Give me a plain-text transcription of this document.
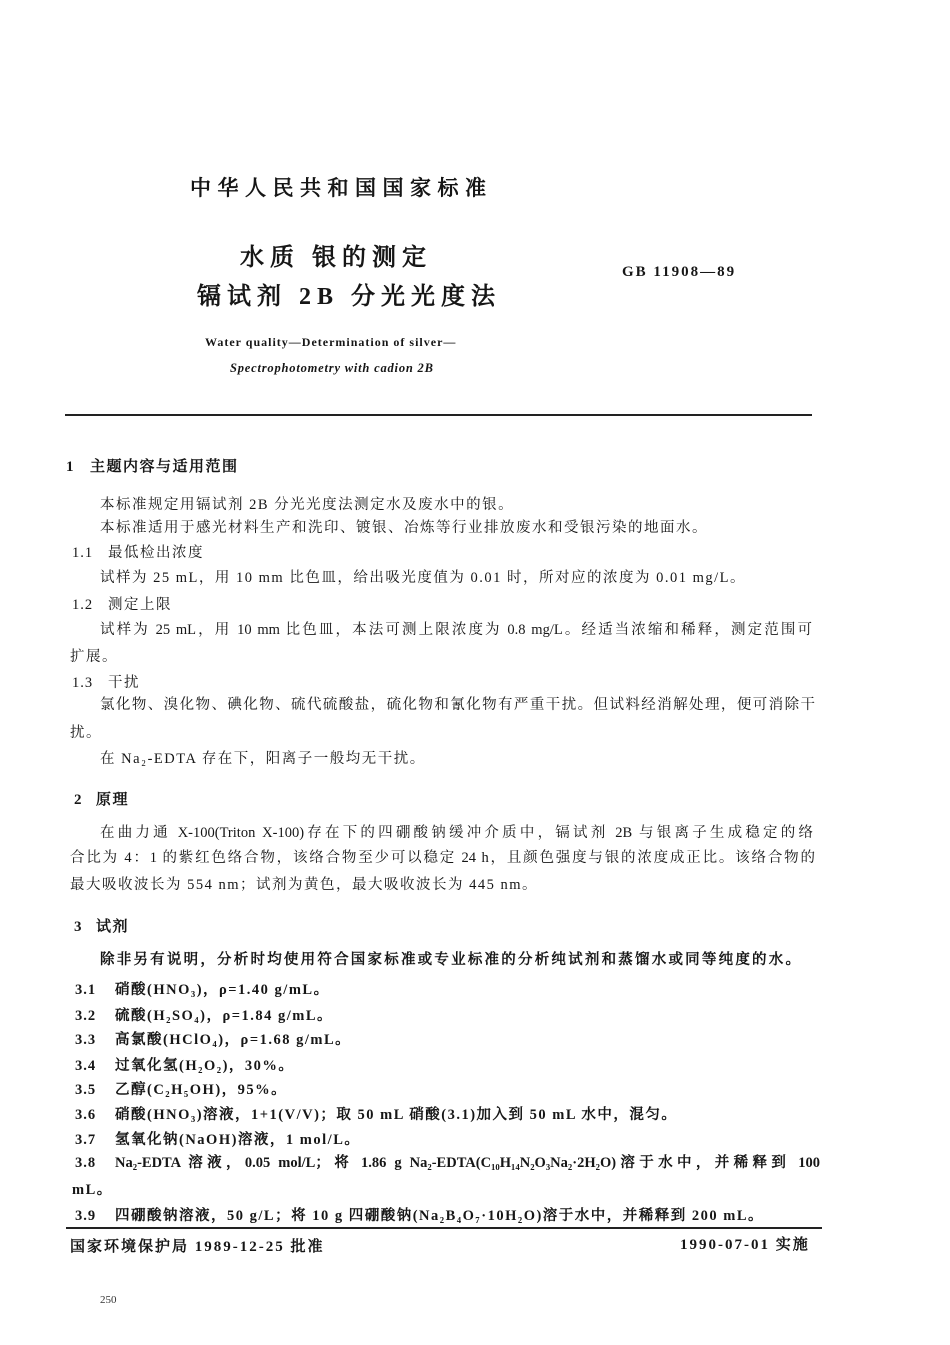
中华人民共和国国家标准
水质 银的测定
镉试剂 2B 分光光度法
GB 11908—89
Water quality—Determination of silver—
Spectrophotometry with cadion 2B
1 主题内容与适用范围
本标准规定用镉试剂 2B 分光光度法测定水及废水中的银。
本标准适用于感光材料生产和洗印、镀银、冶炼等行业排放废水和受银污染的地面水。
1.1 最低检出浓度
试样为 25 mL，用 10 mm 比色皿，给出吸光度值为 0.01 时，所对应的浓度为 0.01 mg/L。
1.2 测定上限
试样为 25 mL，用 10 mm 比色皿，本法可测上限浓度为 0.8 mg/L。经适当浓缩和稀释，测定范围可
扩展。
1.3 干扰
氯化物、溴化物、碘化物、硫代硫酸盐，硫化物和氰化物有严重干扰。但试料经消解处理，便可消除干
扰。
在 Na₂-EDTA 存在下，阳离子一般均无干扰。
2 原理
在曲力通 X-100(Triton X-100)存在下的四硼酸钠缓冲介质中，镉试剂 2B 与银离子生成稳定的络
合比为 4：1 的紫红色络合物，该络合物至少可以稳定 24 h，且颜色强度与银的浓度成正比。该络合物的
最大吸收波长为 554 nm；试剂为黄色，最大吸收波长为 445 nm。
3 试剂
除非另有说明，分析时均使用符合国家标准或专业标准的分析纯试剂和蒸馏水或同等纯度的水。
3.1 硝酸(HNO₃)，ρ=1.40 g/mL。
3.2 硫酸(H₂SO₄)，ρ=1.84 g/mL。
3.3 高氯酸(HClO₄)，ρ=1.68 g/mL。
3.4 过氧化氢(H₂O₂)，30%。
3.5 乙醇(C₂H₅OH)，95%。
3.6 硝酸(HNO₃)溶液，1+1(V/V)；取 50 mL 硝酸(3.1)加入到 50 mL 水中，混匀。
3.7 氢氧化钠(NaOH)溶液，1 mol/L。
3.8 Na₂-EDTA 溶液，0.05 mol/L；将 1.86 g Na₂-EDTA(C₁₀H₁₄N₂O₃Na₂·2H₂O)溶于水中，并稀释到 100
mL。
3.9 四硼酸钠溶液，50 g/L；将 10 g 四硼酸钠(Na₂B₄O₇·10H₂O)溶于水中，并稀释到 200 mL。
国家环境保护局 1989-12-25 批准	1990-07-01 实施
250
